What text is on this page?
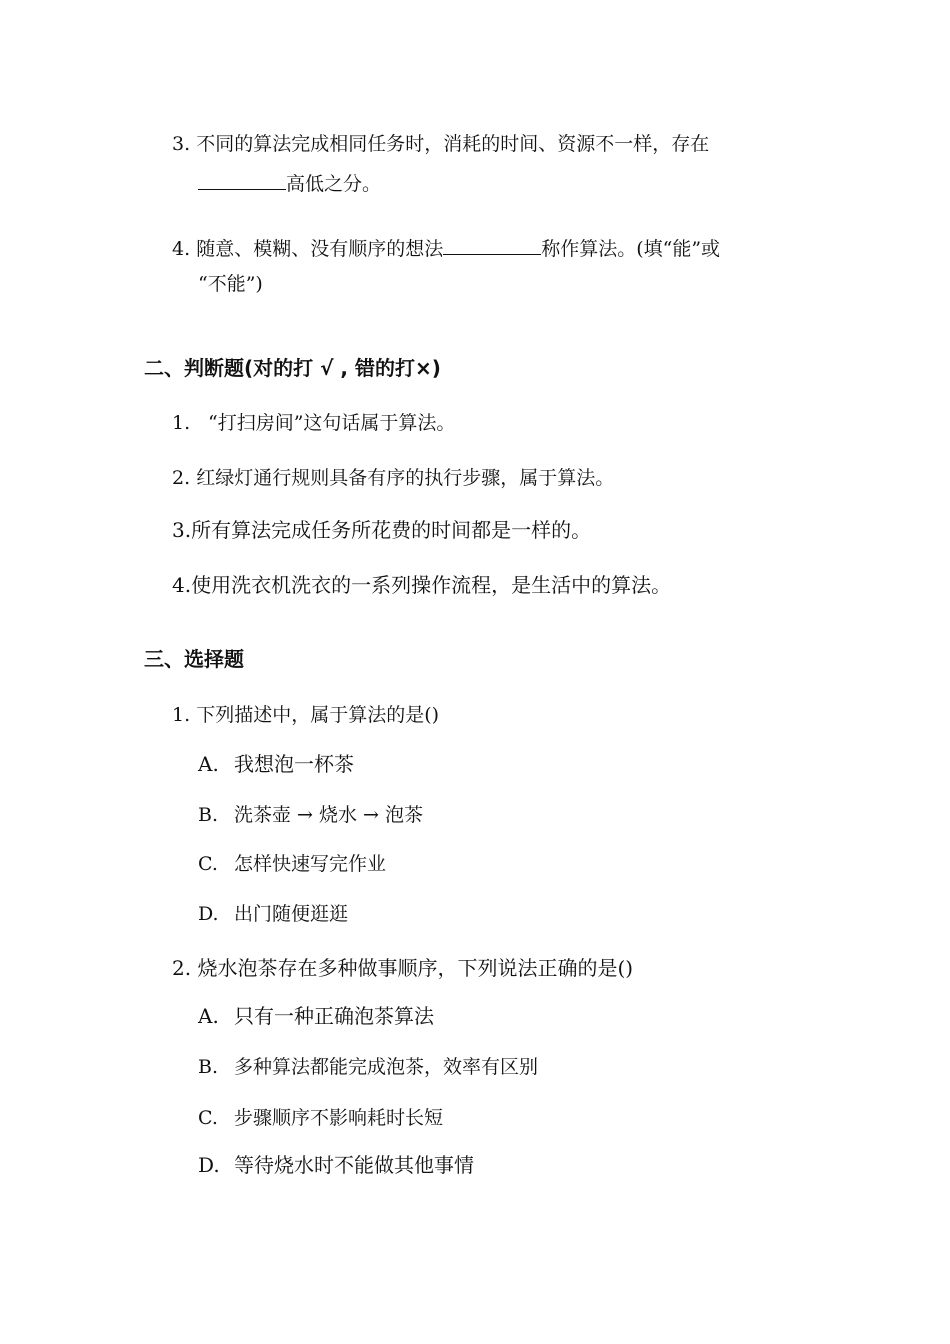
3. 不同的算法完成相同任务时，消耗的时间、资源不一样，存在
高低之分。
4. 随意、模糊、没有顺序的想法	称作算法。(填“能”或
“不能”)
二、判断题(对的打 √ , 错的打×)
1. “打扫房间”这句话属于算法。
2. 红绿灯通行规则具备有序的执行步骤，属于算法。
3.所有算法完成任务所花费的时间都是一样的。
4.使用洗衣机洗衣的一系列操作流程，是生活中的算法。
三、选择题
1. 下列描述中，属于算法的是()
A. 我想泡一杯茶
B. 洗茶壶 → 烧水 → 泡茶
C. 怎样快速写完作业
D. 出门随便逛逛
2. 烧水泡茶存在多种做事顺序，下列说法正确的是()
A. 只有一种正确泡茶算法
B. 多种算法都能完成泡茶，效率有区别
C. 步骤顺序不影响耗时长短
D. 等待烧水时不能做其他事情
